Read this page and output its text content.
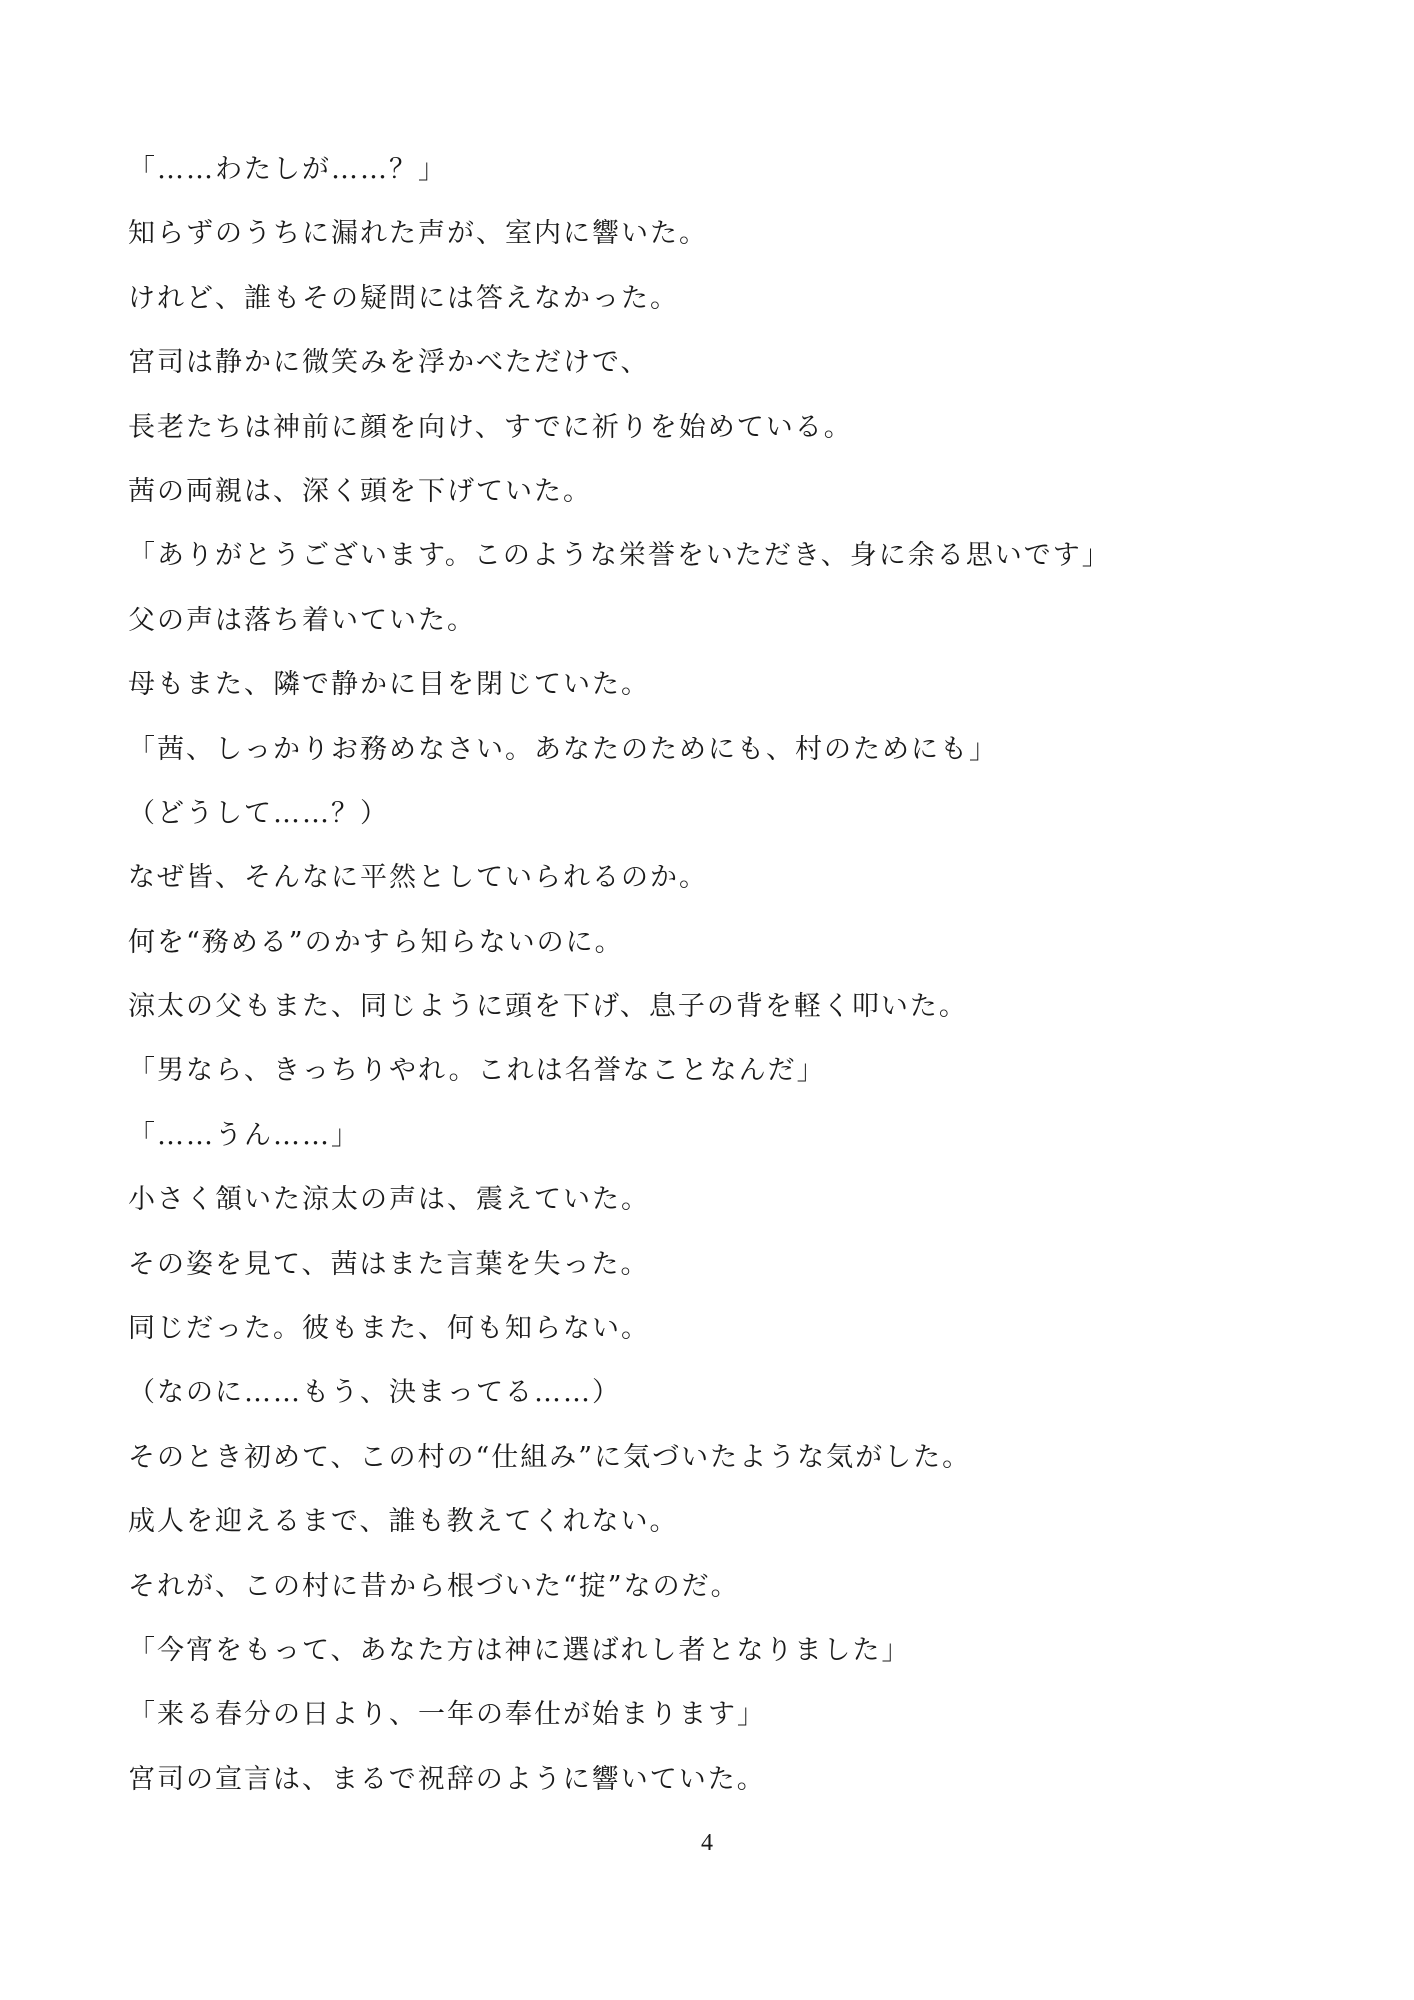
「……わたしが……？」
知らずのうちに漏れた声が、室内に響いた。
けれど、誰もその疑問には答えなかった。
宮司は静かに微笑みを浮かべただけで、
長老たちは神前に顔を向け、すでに祈りを始めている。
茜の両親は、深く頭を下げていた。
「ありがとうございます。このような栄誉をいただき、身に余る思いです」
父の声は落ち着いていた。
母もまた、隣で静かに目を閉じていた。
「茜、しっかりお務めなさい。あなたのためにも、村のためにも」
（どうして……？）
なぜ皆、そんなに平然としていられるのか。
何を“務める”のかすら知らないのに。
涼太の父もまた、同じように頭を下げ、息子の背を軽く叩いた。
「男なら、きっちりやれ。これは名誉なことなんだ」
「……うん……」
小さく頷いた涼太の声は、震えていた。
その姿を見て、茜はまた言葉を失った。
同じだった。彼もまた、何も知らない。
（なのに……もう、決まってる……）
そのとき初めて、この村の“仕組み”に気づいたような気がした。
成人を迎えるまで、誰も教えてくれない。
それが、この村に昔から根づいた“掟”なのだ。
「今宵をもって、あなた方は神に選ばれし者となりました」
「来る春分の日より、一年の奉仕が始まります」
宮司の宣言は、まるで祝辞のように響いていた。
4
